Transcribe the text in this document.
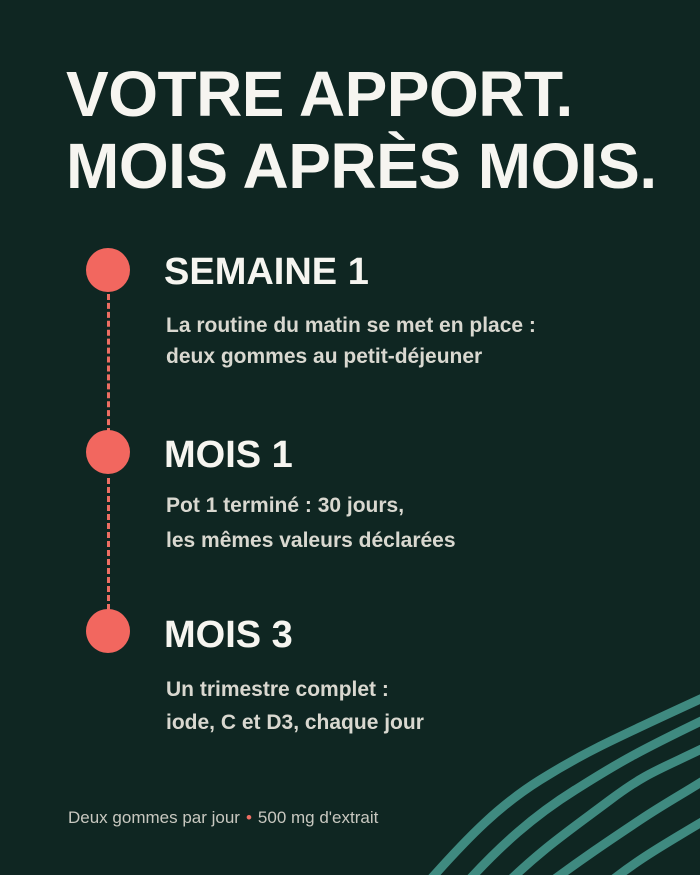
VOTRE APPORT.
MOIS APRÈS MOIS.
SEMAINE 1
La routine du matin se met en place :
deux gommes au petit-déjeuner
MOIS 1
Pot 1 terminé : 30 jours,
les mêmes valeurs déclarées
MOIS 3
Un trimestre complet :
iode, C et D3, chaque jour
Deux gommes par jour • 500 mg d'extrait
